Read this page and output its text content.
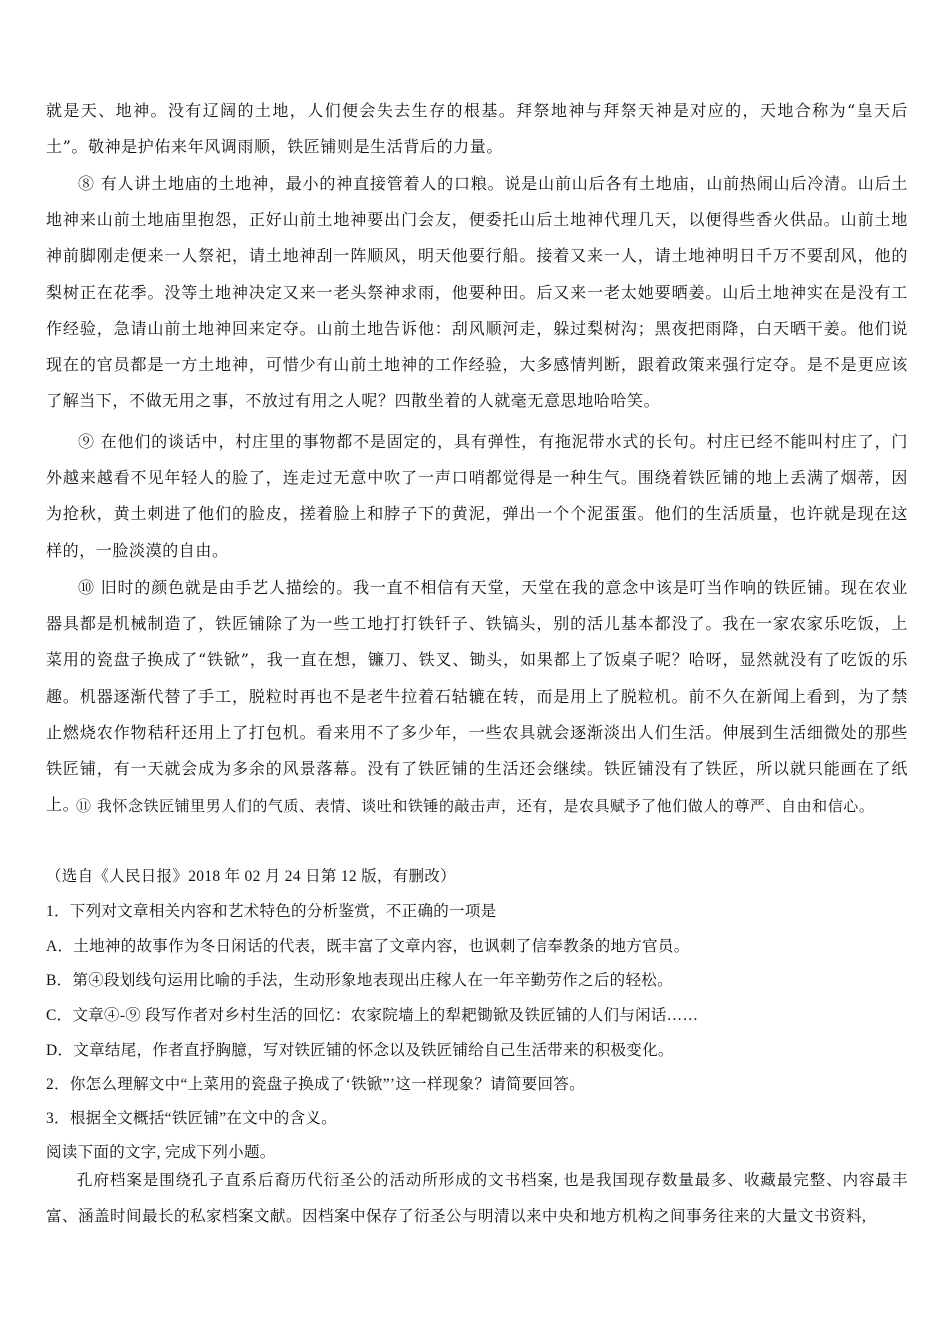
就是天、地神。没有辽阔的土地，人们便会失去生存的根基。拜祭地神与拜祭天神是对应的，天地合称为“皇天后土”。敬神是护佑来年风调雨顺，铁匠铺则是生活背后的力量。
⑧ 有人讲土地庙的土地神，最小的神直接管着人的口粮。说是山前山后各有土地庙，山前热闹山后冷清。山后土地神来山前土地庙里抱怨，正好山前土地神要出门会友，便委托山后土地神代理几天，以便得些香火供品。山前土地神前脚刚走便来一人祭祀，请土地神刮一阵顺风，明天他要行船。接着又来一人，请土地神明日千万不要刮风，他的梨树正在花季。没等土地神决定又来一老头祭神求雨，他要种田。后又来一老太她要晒姜。山后土地神实在是没有工作经验，急请山前土地神回来定夺。山前土地告诉他：刮风顺河走，躲过梨树沟；黑夜把雨降，白天晒干姜。他们说现在的官员都是一方土地神，可惜少有山前土地神的工作经验，大多感情判断，跟着政策来强行定夺。是不是更应该了解当下，不做无用之事，不放过有用之人呢？四散坐着的人就毫无意思地哈哈笑。
⑨ 在他们的谈话中，村庄里的事物都不是固定的，具有弹性，有拖泥带水式的长句。村庄已经不能叫村庄了，门外越来越看不见年轻人的脸了，连走过无意中吹了一声口哨都觉得是一种生气。围绕着铁匠铺的地上丢满了烟蒂，因为抢秋，黄土刺进了他们的脸皮，搓着脸上和脖子下的黄泥，弹出一个个泥蛋蛋。他们的生活质量，也许就是现在这样的，一脸淡漠的自由。
⑩ 旧时的颜色就是由手艺人描绘的。我一直不相信有天堂，天堂在我的意念中该是叮当作响的铁匠铺。现在农业器具都是机械制造了，铁匠铺除了为一些工地打打铁钎子、铁镐头，别的活儿基本都没了。我在一家农家乐吃饭，上菜用的瓷盘子换成了“铁锨”，我一直在想，镰刀、铁叉、锄头，如果都上了饭桌子呢？哈呀，显然就没有了吃饭的乐趣。机器逐渐代替了手工，脱粒时再也不是老牛拉着石轱辘在转，而是用上了脱粒机。前不久在新闻上看到，为了禁止燃烧农作物秸秆还用上了打包机。看来用不了多少年，一些农具就会逐渐淡出人们生活。伸展到生活细微处的那些铁匠铺，有一天就会成为多余的风景落幕。没有了铁匠铺的生活还会继续。铁匠铺没有了铁匠，所以就只能画在了纸上。
⑪ 我怀念铁匠铺里男人们的气质、表情、谈吐和铁锤的敲击声，还有，是农具赋予了他们做人的尊严、自由和信心。
（选自《人民日报》2018 年 02 月 24 日第 12 版，有删改）
1．下列对文章相关内容和艺术特色的分析鉴赏，不正确的一项是
A．土地神的故事作为冬日闲话的代表，既丰富了文章内容，也讽刺了信奉教条的地方官员。
B．第④段划线句运用比喻的手法，生动形象地表现出庄稼人在一年辛勤劳作之后的轻松。
C．文章④-⑨ 段写作者对乡村生活的回忆：农家院墙上的犁耙锄锨及铁匠铺的人们与闲话……
D．文章结尾，作者直抒胸臆，写对铁匠铺的怀念以及铁匠铺给自己生活带来的积极变化。
2．你怎么理解文中“上菜用的瓷盘子换成了‘铁锨”’这一样现象？请简要回答。
3．根据全文概括“铁匠铺”在文中的含义。
阅读下面的文字, 完成下列小题。
孔府档案是围绕孔子直系后裔历代衍圣公的活动所形成的文书档案, 也是我国现存数量最多、收藏最完整、内容最丰富、涵盖时间最长的私家档案文献。因档案中保存了衍圣公与明清以来中央和地方机构之间事务往来的大量文书资料,
